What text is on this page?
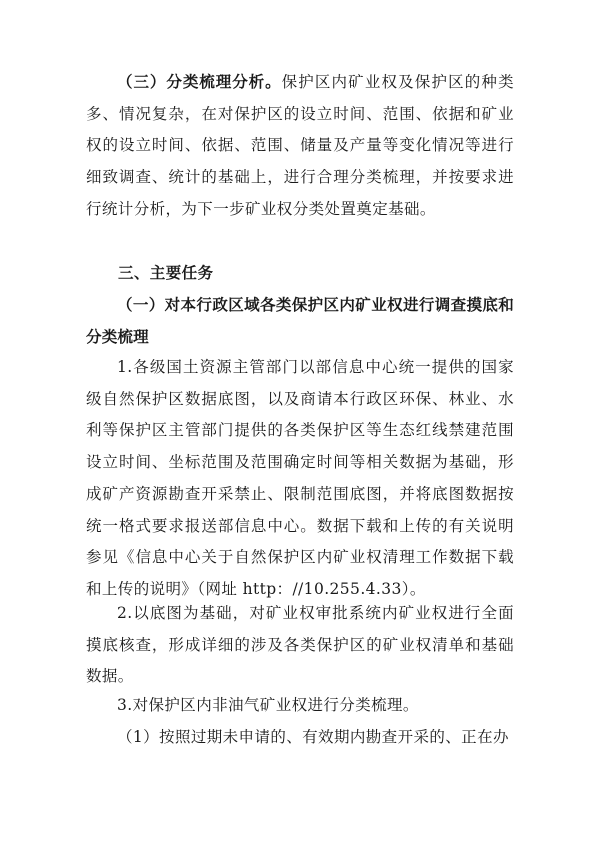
（三）分类梳理分析。保护区内矿业权及保护区的种类多、情况复杂，在对保护区的设立时间、范围、依据和矿业权的设立时间、依据、范围、储量及产量等变化情况等进行细致调查、统计的基础上，进行合理分类梳理，并按要求进行统计分析，为下一步矿业权分类处置奠定基础。

三、主要任务

（一）对本行政区域各类保护区内矿业权进行调查摸底和分类梳理

1.各级国土资源主管部门以部信息中心统一提供的国家级自然保护区数据底图，以及商请本行政区环保、林业、水利等保护区主管部门提供的各类保护区等生态红线禁建范围设立时间、坐标范围及范围确定时间等相关数据为基础，形成矿产资源勘查开采禁止、限制范围底图，并将底图数据按统一格式要求报送部信息中心。数据下载和上传的有关说明参见《信息中心关于自然保护区内矿业权清理工作数据下载和上传的说明》（网址 http：//10.255.4.33）。

2.以底图为基础，对矿业权审批系统内矿业权进行全面摸底核查，形成详细的涉及各类保护区的矿业权清单和基础数据。

3.对保护区内非油气矿业权进行分类梳理。

（1）按照过期未申请的、有效期内勘查开采的、正在办
